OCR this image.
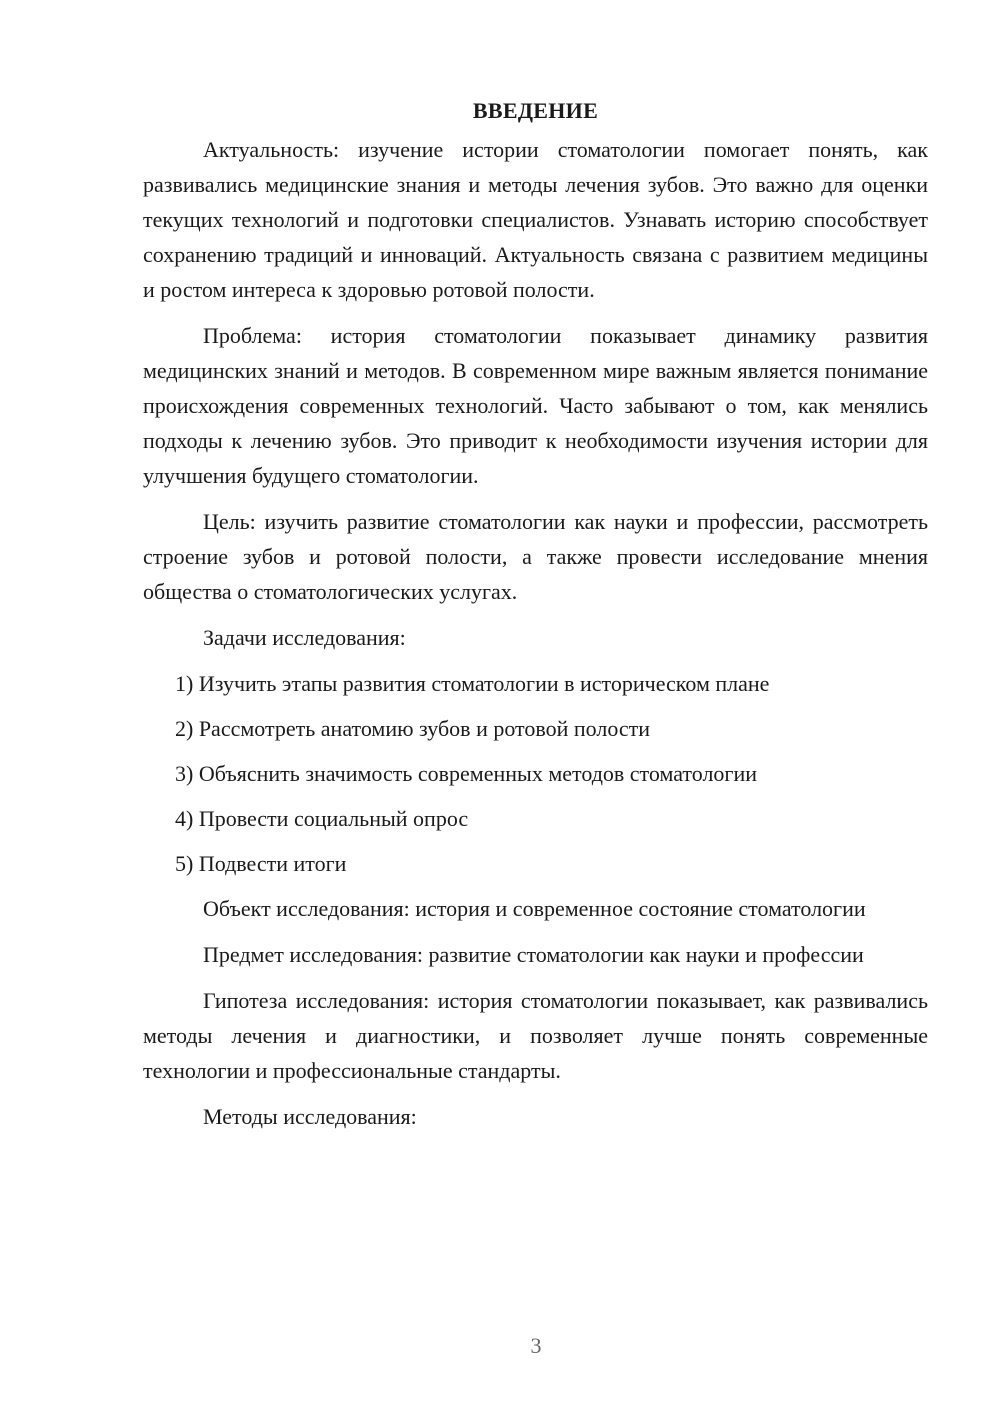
ВВЕДЕНИЕ

Актуальность: изучение истории стоматологии помогает понять, как развивались медицинские знания и методы лечения зубов. Это важно для оценки текущих технологий и подготовки специалистов. Узнавать историю способствует сохранению традиций и инноваций. Актуальность связана с развитием медицины и ростом интереса к здоровью ротовой полости.

Проблема: история стоматологии показывает динамику развития медицинских знаний и методов. В современном мире важным является понимание происхождения современных технологий. Часто забывают о том, как менялись подходы к лечению зубов. Это приводит к необходимости изучения истории для улучшения будущего стоматологии.

Цель: изучить развитие стоматологии как науки и профессии, рассмотреть строение зубов и ротовой полости, а также провести исследование мнения общества о стоматологических услугах.

Задачи исследования:

1) Изучить этапы развития стоматологии в историческом плане

2) Рассмотреть анатомию зубов и ротовой полости

3) Объяснить значимость современных методов стоматологии

4) Провести социальный опрос

5) Подвести итоги

Объект исследования: история и современное состояние стоматологии

Предмет исследования: развитие стоматологии как науки и профессии

Гипотеза исследования: история стоматологии показывает, как развивались методы лечения и диагностики, и позволяет лучше понять современные технологии и профессиональные стандарты.

Методы исследования:

3
